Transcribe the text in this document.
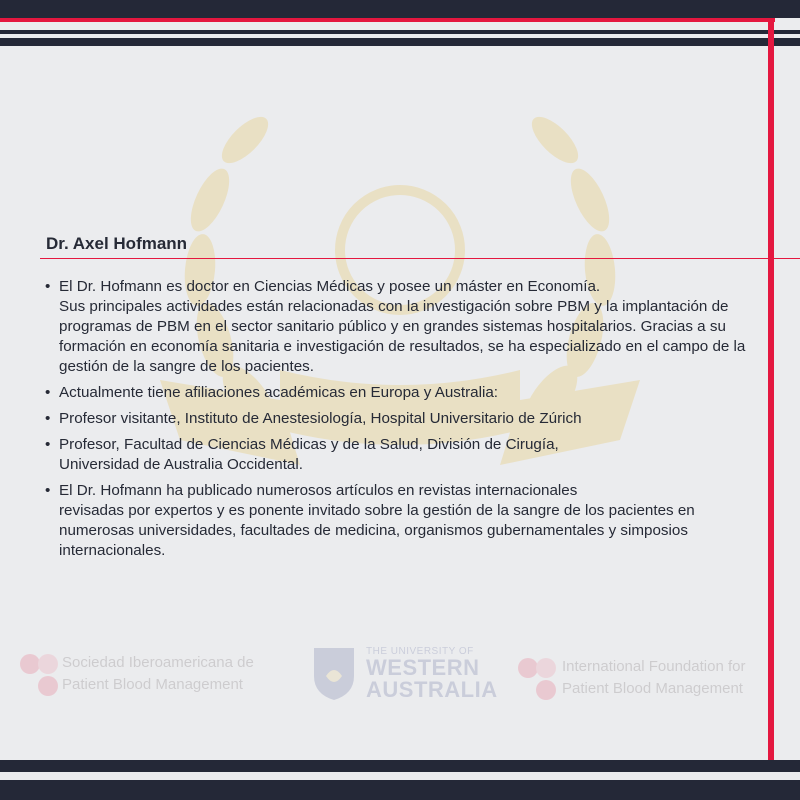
Dr. Axel Hofmann
• El Dr. Hofmann es doctor en Ciencias Médicas y posee un máster en Economía.
Sus principales actividades están relacionadas con la investigación sobre PBM y la implantación de programas de PBM en el sector sanitario público y en grandes sistemas hospitalarios. Gracias a su formación en economía sanitaria e investigación de resultados, se ha especializado en el campo de la gestión de la sangre de los pacientes.
• Actualmente tiene afiliaciones académicas en Europa y Australia:
• Profesor visitante, Instituto de Anestesiología, Hospital Universitario de Zúrich
• Profesor, Facultad de Ciencias Médicas y de la Salud, División de Cirugía,
Universidad de Australia Occidental.
• El Dr. Hofmann ha publicado numerosos artículos en revistas internacionales
revisadas por expertos y es ponente invitado sobre la gestión de la sangre de los pacientes en numerosas universidades, facultades de medicina, organismos gubernamentales y simposios internacionales.
Sociedad Iberoamericana de
Patient Blood Management
THE UNIVERSITY OF
WESTERN
AUSTRALIA
International Foundation for
Patient Blood Management
